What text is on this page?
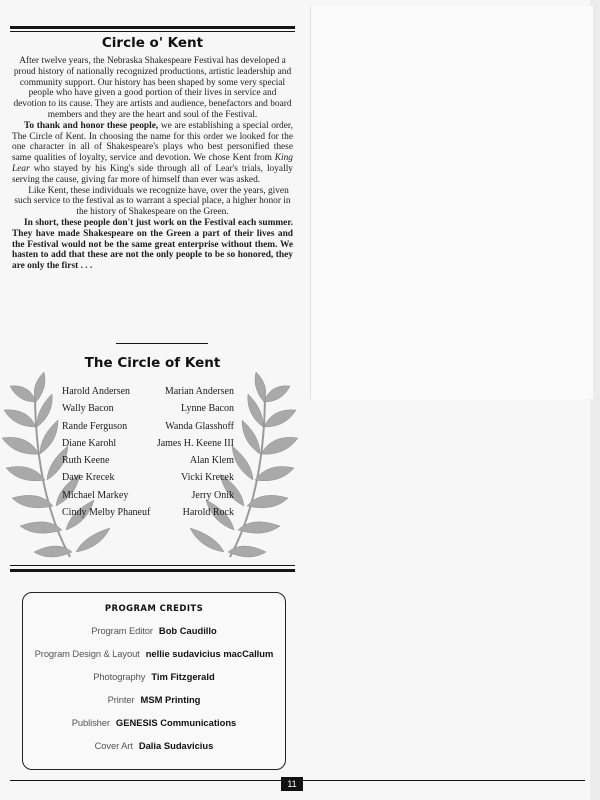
Circle o' Kent

After twelve years, the Nebraska Shakespeare Festival has developed a proud history of nationally recognized productions, artistic leadership and community support. Our history has been shaped by some very special people who have given a good portion of their lives in service and devotion to its cause. They are artists and audience, benefactors and board members and they are the heart and soul of the Festival.

To thank and honor these people, we are establishing a special order, The Circle of Kent. In choosing the name for this order we looked for the one character in all of Shakespeare's plays who best personified these same qualities of loyalty, service and devotion. We chose Kent from King Lear who stayed by his King's side through all of Lear's trials, loyally serving the cause, giving far more of himself than ever was asked.

Like Kent, these individuals we recognize have, over the years, given such service to the festival as to warrant a special place, a higher honor in the history of Shakespeare on the Green.

In short, these people don't just work on the Festival each summer. They have made Shakespeare on the Green a part of their lives and the Festival would not be the same great enterprise without them. We hasten to add that these are not the only people to be so honored, they are only the first . . .

The Circle of Kent
Harold Andersen	Marian Andersen
Wally Bacon	Lynne Bacon
Rande Ferguson	Wanda Glasshoff
Diane Karohl	James H. Keene III
Ruth Keene	Alan Klem
Dave Krecek	Vicki Krecek
Michael Markey	Jerry Onik
Cindy Melby Phaneuf	Harold Rock
PROGRAM CREDITS
Program Editor Bob Caudillo
Program Design & Layout nellie sudavicius macCallum
Photography Tim Fitzgerald
Printer MSM Printing
Publisher GENESIS Communications
Cover Art Dalia Sudavicius
11
